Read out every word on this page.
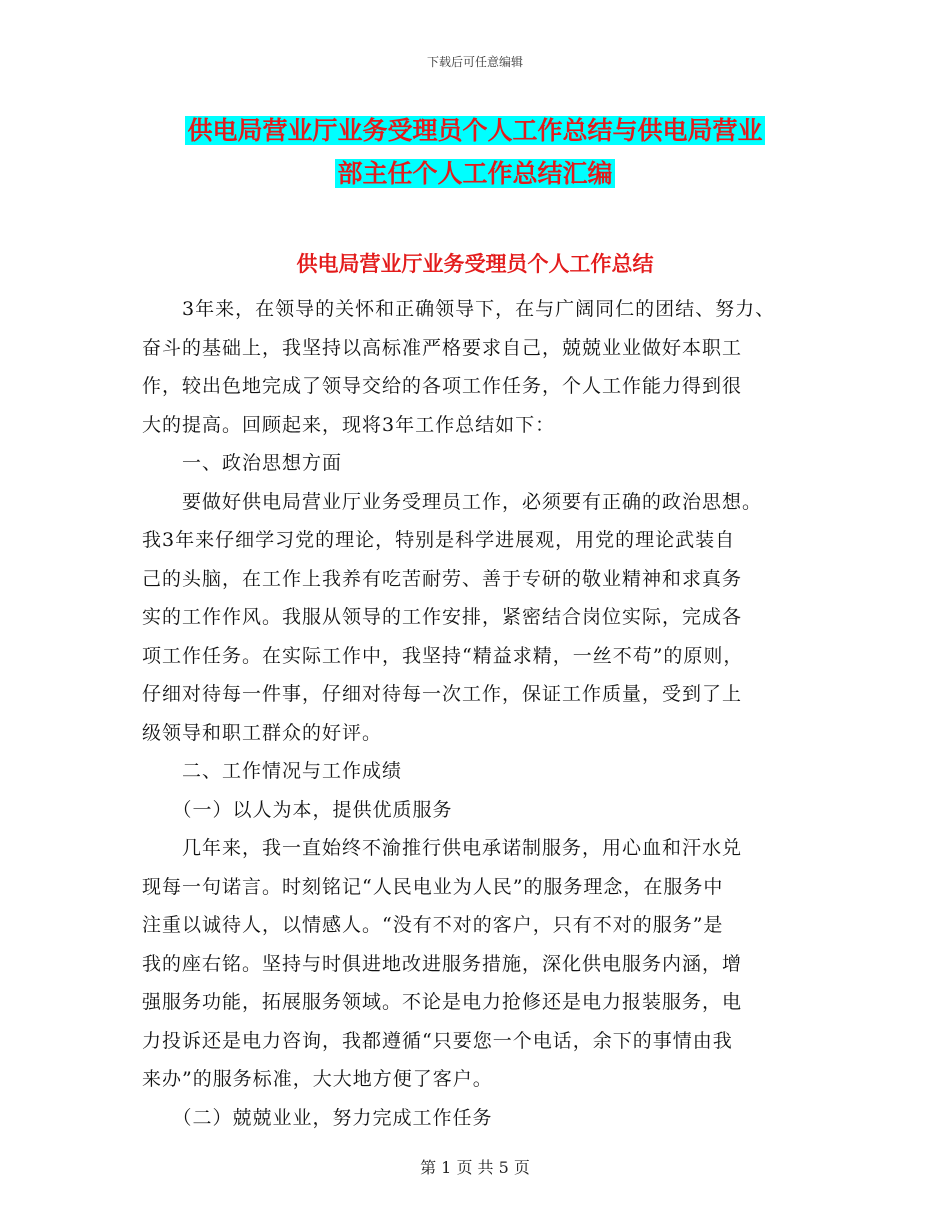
下载后可任意编辑
供电局营业厅业务受理员个人工作总结与供电局营业
部主任个人工作总结汇编
供电局营业厅业务受理员个人工作总结

　　3年来，在领导的关怀和正确领导下，在与广阔同仁的团结、努力、

奋斗的基础上，我坚持以高标准严格要求自己，兢兢业业做好本职工

作，较出色地完成了领导交给的各项工作任务，个人工作能力得到很

大的提高。回顾起来，现将3年工作总结如下：

　　一、政治思想方面

　　要做好供电局营业厅业务受理员工作，必须要有正确的政治思想。

我3年来仔细学习党的理论，特别是科学进展观，用党的理论武装自

己的头脑，在工作上我养有吃苦耐劳、善于专研的敬业精神和求真务

实的工作作风。我服从领导的工作安排，紧密结合岗位实际，完成各

项工作任务。在实际工作中，我坚持“精益求精，一丝不苟”的原则，

仔细对待每一件事，仔细对待每一次工作，保证工作质量，受到了上

级领导和职工群众的好评。

　　二、工作情况与工作成绩

　　（一）以人为本，提供优质服务

　　几年来，我一直始终不渝推行供电承诺制服务，用心血和汗水兑

现每一句诺言。时刻铭记“人民电业为人民”的服务理念，在服务中

注重以诚待人，以情感人。“没有不对的客户，只有不对的服务”是

我的座右铭。坚持与时俱进地改进服务措施，深化供电服务内涵，增

强服务功能，拓展服务领域。不论是电力抢修还是电力报装服务，电

力投诉还是电力咨询，我都遵循“只要您一个电话，余下的事情由我

来办”的服务标准，大大地方便了客户。

　　（二）兢兢业业，努力完成工作任务

第 1 页 共 5 页
